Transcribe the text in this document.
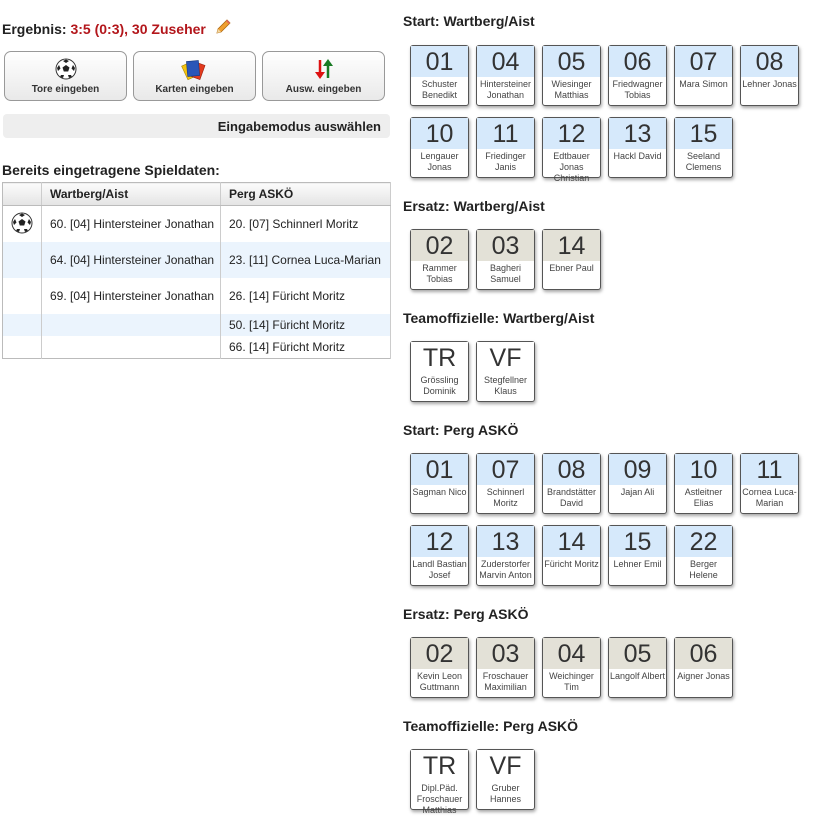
Ergebnis: 3:5 (0:3), 30 Zuseher
Tore eingeben	Karten eingeben	Ausw. eingeben
Eingabemodus auswählen
Bereits eingetragene Spieldaten:
	Wartberg/Aist	Perg ASKÖ
	60. [04] Hintersteiner Jonathan	20. [07] Schinnerl Moritz
	64. [04] Hintersteiner Jonathan	23. [11] Cornea Luca-Marian
	69. [04] Hintersteiner Jonathan	26. [14] Füricht Moritz
		50. [14] Füricht Moritz
		66. [14] Füricht Moritz
Start: Wartberg/Aist
01
Schuster Benedikt
04
Hintersteiner Jonathan
05
Wiesinger Matthias
06
Friedwagner Tobias
07
Mara Simon
08
Lehner Jonas
10
Lengauer Jonas
11
Friedinger Janis
12
Edtbauer Jonas Christian
13
Hackl David
15
Seeland Clemens
Ersatz: Wartberg/Aist
02
Rammer Tobias
03
Bagheri Samuel
14
Ebner Paul
Teamoffizielle: Wartberg/Aist
TR
Grössling Dominik
VF
Stegfellner Klaus
Start: Perg ASKÖ
01
Sagman Nico
07
Schinnerl Moritz
08
Brandstätter David
09
Jajan Ali
10
Astleitner Elias
11
Cornea Luca-Marian
12
Landl Bastian Josef
13
Zuderstorfer Marvin Anton
14
Füricht Moritz
15
Lehner Emil
22
Berger Helene
Ersatz: Perg ASKÖ
02
Kevin Leon Guttmann
03
Froschauer Maximilian
04
Weichinger Tim
05
Langolf Albert
06
Aigner Jonas
Teamoffizielle: Perg ASKÖ
TR
Dipl.Päd. Froschauer Matthias
VF
Gruber Hannes
